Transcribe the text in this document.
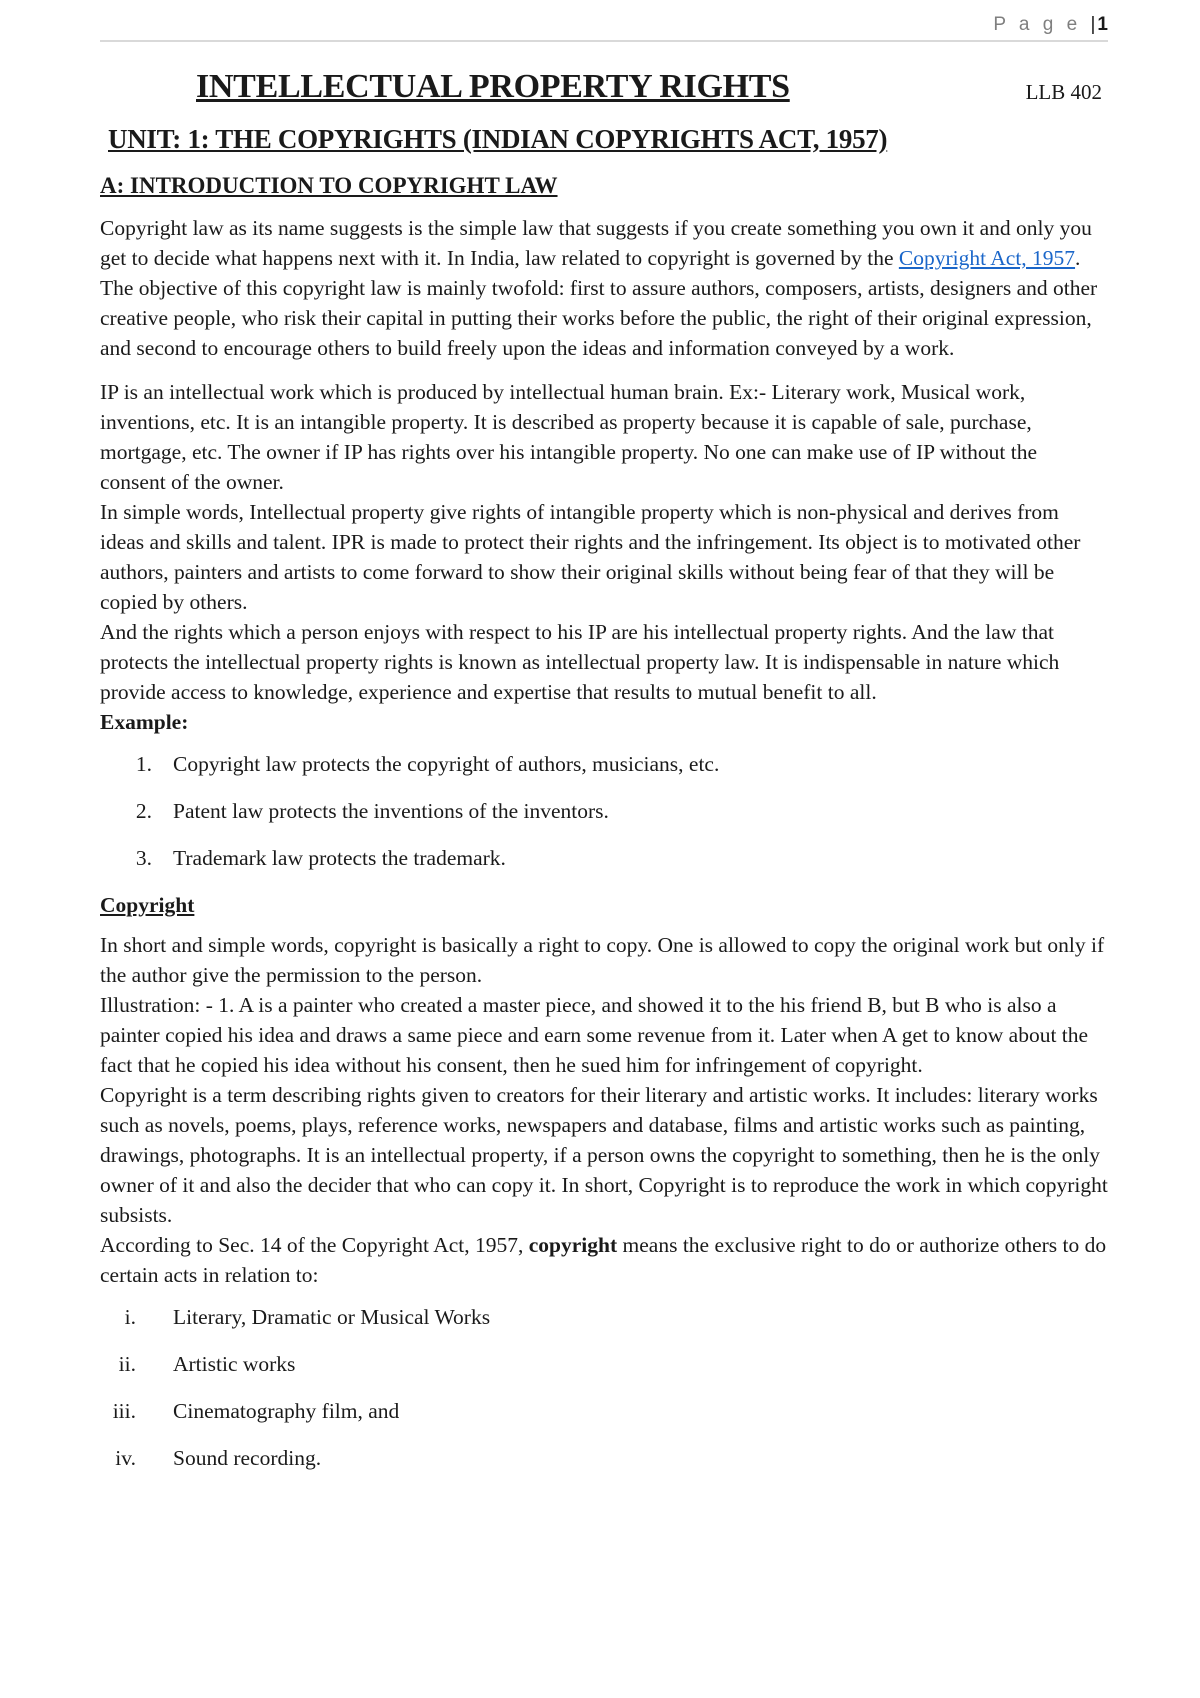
P a g e |1
INTELLECTUAL PROPERTY RIGHTS	LLB 402
UNIT: 1: THE COPYRIGHTS (INDIAN COPYRIGHTS ACT, 1957)
A: INTRODUCTION TO COPYRIGHT LAW

Copyright law as its name suggests is the simple law that suggests if you create something you own it and only you get to decide what happens next with it. In India, law related to copyright is governed by the Copyright Act, 1957. The objective of this copyright law is mainly twofold: first to assure authors, composers, artists, designers and other creative people, who risk their capital in putting their works before the public, the right of their original expression, and second to encourage others to build freely upon the ideas and information conveyed by a work.

IP is an intellectual work which is produced by intellectual human brain. Ex:- Literary work, Musical work, inventions, etc. It is an intangible property. It is described as property because it is capable of sale, purchase, mortgage, etc. The owner if IP has rights over his intangible property. No one can make use of IP without the consent of the owner.

In simple words, Intellectual property give rights of intangible property which is non-physical and derives from ideas and skills and talent. IPR is made to protect their rights and the infringement. Its object is to motivated other authors, painters and artists to come forward to show their original skills without being fear of that they will be copied by others.

And the rights which a person enjoys with respect to his IP are his intellectual property rights. And the law that protects the intellectual property rights is known as intellectual property law. It is indispensable in nature which provide access to knowledge, experience and expertise that results to mutual benefit to all.

Example:
1. Copyright law protects the copyright of authors, musicians, etc.
2. Patent law protects the inventions of the inventors.
3. Trademark law protects the trademark.
Copyright

In short and simple words, copyright is basically a right to copy. One is allowed to copy the original work but only if the author give the permission to the person.

Illustration: - 1. A is a painter who created a master piece, and showed it to the his friend B, but B who is also a painter copied his idea and draws a same piece and earn some revenue from it. Later when A get to know about the fact that he copied his idea without his consent, then he sued him for infringement of copyright.

Copyright is a term describing rights given to creators for their literary and artistic works. It includes: literary works such as novels, poems, plays, reference works, newspapers and database, films and artistic works such as painting, drawings, photographs. It is an intellectual property, if a person owns the copyright to something, then he is the only owner of it and also the decider that who can copy it. In short, Copyright is to reproduce the work in which copyright subsists.

According to Sec. 14 of the Copyright Act, 1957, copyright means the exclusive right to do or authorize others to do certain acts in relation to:

i. Literary, Dramatic or Musical Works
ii. Artistic works
iii. Cinematography film, and
iv. Sound recording.
